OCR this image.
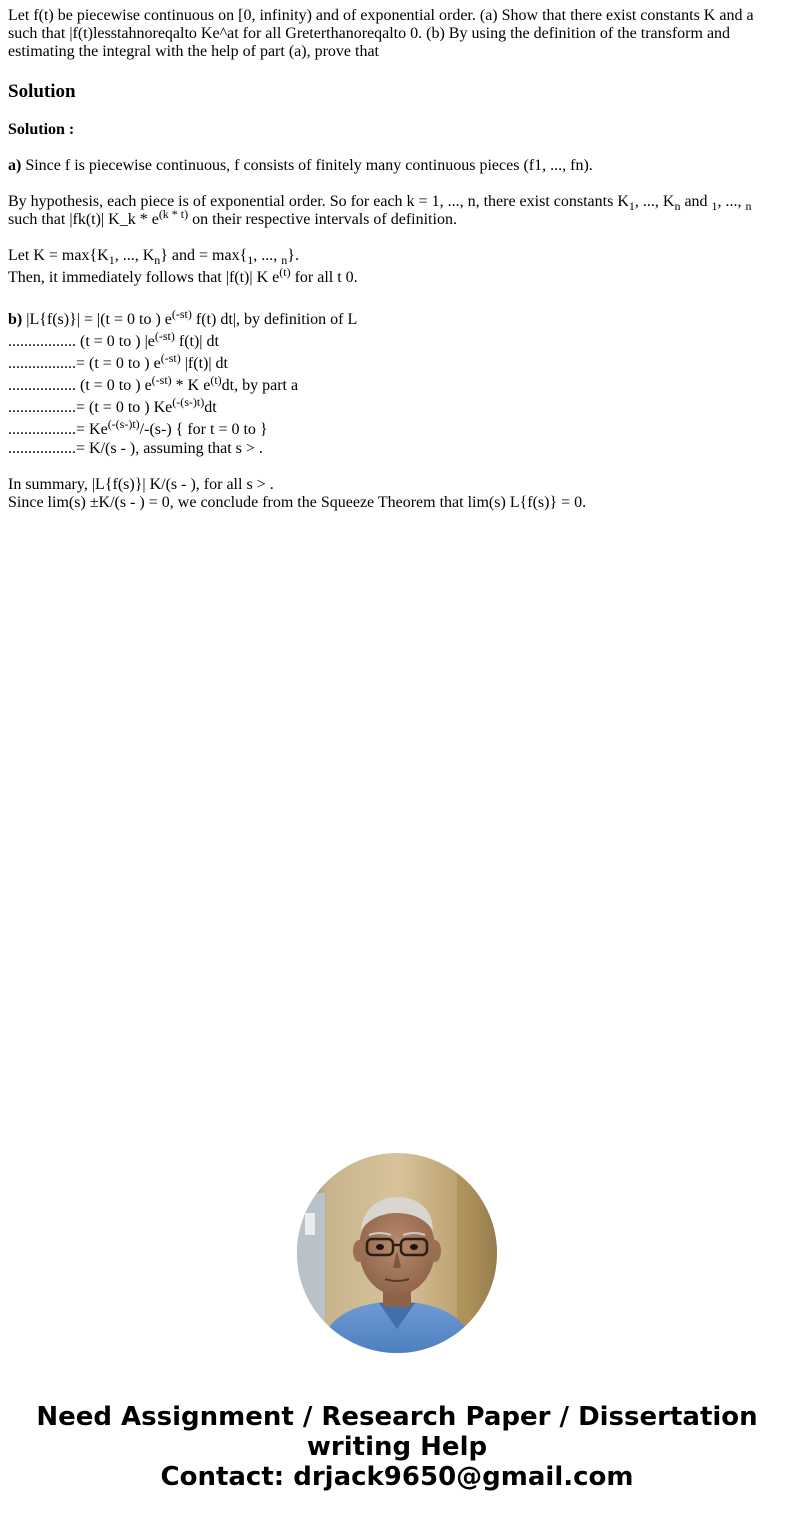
Let f(t) be piecewise continuous on [0, infinity) and of exponential order. (a) Show that there exist constants K and a such that |f(t)lesstahnoreqalto Ke^at for all Greterthanoreqalto 0. (b) By using the definition of the transform and estimating the integral with the help of part (a), prove that
Solution
Solution :
a) Since f is piecewise continuous, f consists of finitely many continuous pieces (f1, ..., fn).
By hypothesis, each piece is of exponential order. So for each k = 1, ..., n, there exist constants $K_1$, ..., $K_n$ and $_1$, ..., $_n$
such that |fk(t)| K_k * $e^{(k * t)}$ on their respective intervals of definition.
Let $K = \max\{K_1$, ..., $K_n$} and = $\max\{_1$, ..., $_n$}.
Then, it immediately follows that |f(t)| K $e^{(t)}$ for all t 0.
b) |L{f(s)}| = |(t = 0 to ) $e^{(-st)}$ f(t) dt|, by definition of L
................. (t = 0 to ) $|e^{(-st)}$ f(t)| dt
.................= (t = 0 to ) $e^{(-st)}$ |f(t)| dt
................. (t = 0 to ) $e^{(-st)}$ * K $e^{(t)}dt$, by part a
.................= (t = 0 to ) $Ke^{(-(s-)t)}dt$
.................= $Ke^{(-(s-)t)}/-(s-)$ { for t = 0 to }
.................= K/(s - ), assuming that s > .
In summary, |L{f(s)}| K/(s - ), for all s > .
Since lim(s) ±K/(s - ) = 0, we conclude from the Squeeze Theorem that lim(s) L{f(s)} = 0.
Need Assignment / Research Paper / Dissertation
writing Help
Contact: drjack9650@gmail.com
